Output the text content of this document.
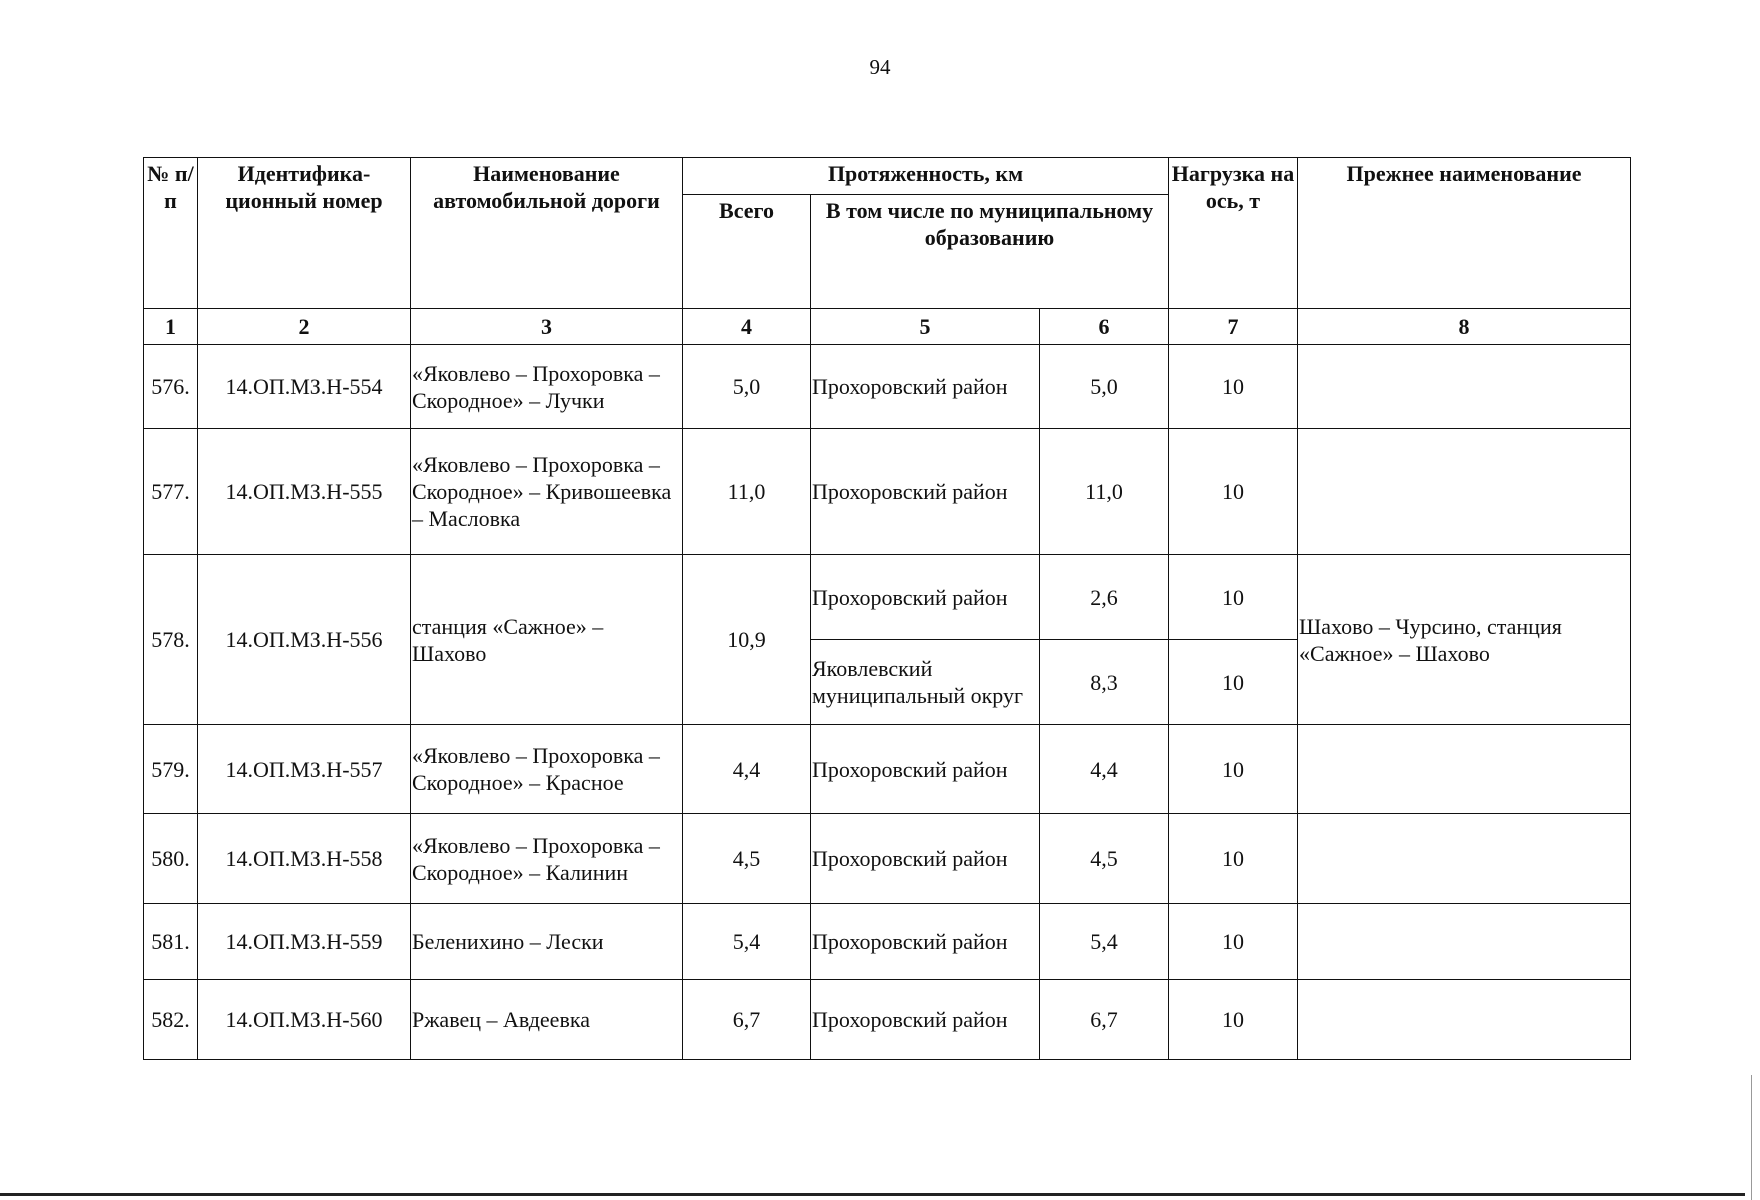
94
№ п/п	Идентифика-ционный номер	Наименование автомобильной дороги	Протяженность, км			Нагрузка на ось, т	Прежнее наименование
			Всего	В том числе по муниципальному образованию			
1	2	3	4	5	6	7	8
576.	14.ОП.МЗ.Н-554	«Яковлево – Прохоровка – Скородное» – Лучки	5,0	Прохоровский район	5,0	10	
577.	14.ОП.МЗ.Н-555	«Яковлево – Прохоровка – Скородное» – Кривошеевка – Масловка	11,0	Прохоровский район	11,0	10	
578.	14.ОП.МЗ.Н-556	станция «Сажное» – Шахово	10,9	Прохоровский район	2,6	10	Шахово – Чурсино, станция «Сажное» – Шахово
				Яковлевский муниципальный округ	8,3	10	
579.	14.ОП.МЗ.Н-557	«Яковлево – Прохоровка – Скородное» – Красное	4,4	Прохоровский район	4,4	10	
580.	14.ОП.МЗ.Н-558	«Яковлево – Прохоровка – Скородное» – Калинин	4,5	Прохоровский район	4,5	10	
581.	14.ОП.МЗ.Н-559	Беленихино – Лески	5,4	Прохоровский район	5,4	10	
582.	14.ОП.МЗ.Н-560	Ржавец – Авдеевка	6,7	Прохоровский район	6,7	10	
